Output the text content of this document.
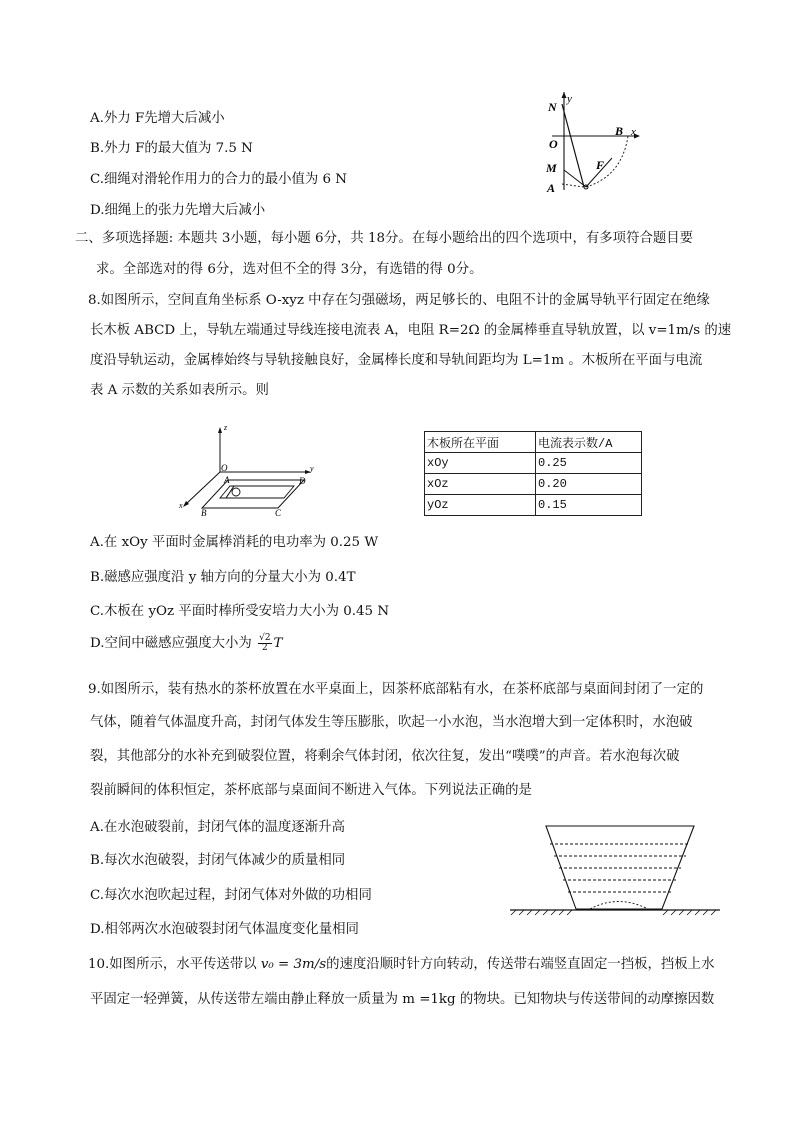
A.外力 F先增大后减小
B.外力 F的最大值为 7.5 N
C.细绳对滑轮作用力的合力的最小值为 6 N
D.细绳上的张力先增大后减小
N
y
O
M
A
B x
F
二、多项选择题: 本题共 3小题，每小题 6分，共 18分。在每小题给出的四个选项中，有多项符合题目要
求。全部选对的得 6分，选对但不全的得 3分，有选错的得 0分。
8.如图所示，空间直角坐标系 O-xyz 中存在匀强磁场，两足够长的、电阻不计的金属导轨平行固定在绝缘
长木板 ABCD 上，导轨左端通过导线连接电流表 A，电阻 R=2Ω 的金属棒垂直导轨放置，以 v=1m/s 的速
度沿导轨运动，金属棒始终与导轨接触良好，金属棒长度和导轨间距均为 L=1m 。木板所在平面与电流
表 A 示数的关系如表所示。则
z
O	y
A	D
x
B	C
木板所在平面	电流表示数/A
xOy	0.25
xOz	0.20
yOz	0.15
A.在 xOy 平面时金属棒消耗的电功率为 0.25 W
B.磁感应强度沿 y 轴方向的分量大小为 0.4T
C.木板在 yOz 平面时棒所受安培力大小为 0.45 N
D.空间中磁感应强度大小为 $\frac{√2}{2}$ T
9.如图所示，装有热水的茶杯放置在水平桌面上，因茶杯底部粘有水，在茶杯底部与桌面间封闭了一定的
气体，随着气体温度升高，封闭气体发生等压膨胀，吹起一小水泡，当水泡增大到一定体积时，水泡破
裂，其他部分的水补充到破裂位置，将剩余气体封闭，依次往复，发出“噗噗”的声音。若水泡每次破
裂前瞬间的体积恒定，茶杯底部与桌面间不断进入气体。下列说法正确的是
A.在水泡破裂前，封闭气体的温度逐渐升高
B.每次水泡破裂，封闭气体减少的质量相同
C.每次水泡吹起过程，封闭气体对外做的功相同
D.相邻两次水泡破裂封闭气体温度变化量相同
10.如图所示，水平传送带以 v₀ = 3m/s的速度沿顺时针方向转动，传送带右端竖直固定一挡板，挡板上水
平固定一轻弹簧，从传送带左端由静止释放一质量为 m =1kg 的物块。已知物块与传送带间的动摩擦因数
